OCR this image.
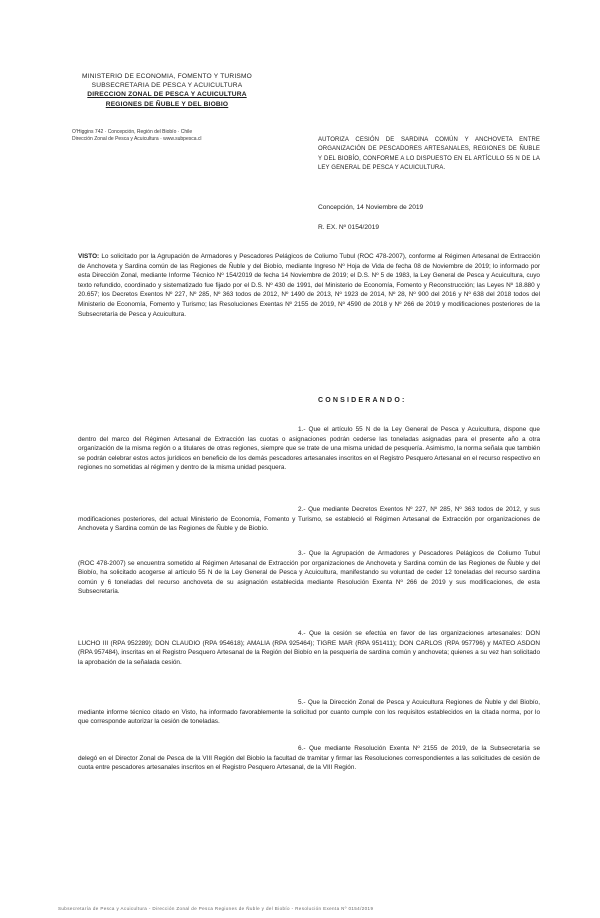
MINISTERIO DE ECONOMIA, FOMENTO Y TURISMO
SUBSECRETARIA DE PESCA Y ACUICULTURA
DIRECCION ZONAL DE PESCA Y ACUICULTURA
REGIONES DE ÑUBLE Y DEL BIOBIO
O'Higgins 742 · Concepción, Región del Biobío · Chile
Dirección Zonal de Pesca y Acuicultura · www.subpesca.cl	AUTORIZA CESIÓN DE SARDINA COMÚN Y ANCHOVETA ENTRE ORGANIZACIÓN DE PESCADORES ARTESANALES, REGIONES DE ÑUBLE Y DEL BIOBÍO, CONFORME A LO DISPUESTO EN EL ARTÍCULO 55 N DE LA LEY GENERAL DE PESCA Y ACUICULTURA.
Concepción, 14 Noviembre de 2019
R. EX. Nº 0154/2019
VISTO: Lo solicitado por la Agrupación de Armadores y Pescadores Pelágicos de Coliumo Tubul (ROC 478-2007), conforme al Régimen Artesanal de Extracción de Anchoveta y Sardina común de las Regiones de Ñuble y del Biobío, mediante Ingreso Nº Hoja de Vida de fecha 08 de Noviembre de 2019; lo informado por esta Dirección Zonal, mediante Informe Técnico Nº 154/2019 de fecha 14 Noviembre de 2019; el D.S. Nº 5 de 1983, la Ley General de Pesca y Acuicultura, cuyo texto refundido, coordinado y sistematizado fue fijado por el D.S. Nº 430 de 1991, del Ministerio de Economía, Fomento y Reconstrucción; las Leyes Nº 18.880 y 20.657; los Decretos Exentos Nº 227, Nº 285, Nº 363 todos de 2012, Nº 1490 de 2013, Nº 1923 de 2014, Nº 28, Nº 900 del 2016 y Nº 638 del 2018 todos del Ministerio de Economía, Fomento y Turismo; las Resoluciones Exentas Nº 2155 de 2019, Nº 4590 de 2018 y Nº 266 de 2019 y modificaciones posteriores de la Subsecretaría de Pesca y Acuicultura.
CONSIDERANDO:
1.- Que el artículo 55 N de la Ley General de Pesca y Acuicultura, dispone que dentro del marco del Régimen Artesanal de Extracción las cuotas o asignaciones podrán cederse las toneladas asignadas para el presente año a otra organización de la misma región o a titulares de otras regiones, siempre que se trate de una misma unidad de pesquería. Asimismo, la norma señala que también se podrán celebrar estos actos jurídicos en beneficio de los demás pescadores artesanales inscritos en el Registro Pesquero Artesanal en el recurso respectivo en regiones no sometidas al régimen y dentro de la misma unidad pesquera.
2.- Que mediante Decretos Exentos Nº 227, Nº 285, Nº 363 todos de 2012, y sus modificaciones posteriores, del actual Ministerio de Economía, Fomento y Turismo, se estableció el Régimen Artesanal de Extracción por organizaciones de Anchoveta y Sardina común de las Regiones de Ñuble y de Biobío.
3.- Que la Agrupación de Armadores y Pescadores Pelágicos de Coliumo Tubul (ROC 478-2007) se encuentra sometido al Régimen Artesanal de Extracción por organizaciones de Anchoveta y Sardina común de las Regiones de Ñuble y del Biobío, ha solicitado acogerse al artículo 55 N de la Ley General de Pesca y Acuicultura, manifestando su voluntad de ceder 12 toneladas del recurso sardina común y 6 toneladas del recurso anchoveta de su asignación establecida mediante Resolución Exenta Nº 266 de 2019 y sus modificaciones, de esta Subsecretaría.
4.- Que la cesión se efectúa en favor de las organizaciones artesanales: DON LUCHO III (RPA 952289); DON CLAUDIO (RPA 954618); AMALIA (RPA 925464); TIGRE MAR (RPA 951411); DON CARLOS (RPA 957796) y MATEO ASDON (RPA 957484), inscritas en el Registro Pesquero Artesanal de la Región del Biobío en la pesquería de sardina común y anchoveta; quienes a su vez han solicitado la aprobación de la señalada cesión.
5.- Que la Dirección Zonal de Pesca y Acuicultura Regiones de Ñuble y del Biobío, mediante informe técnico citado en Visto, ha informado favorablemente la solicitud por cuanto cumple con los requisitos establecidos en la citada norma, por lo que corresponde autorizar la cesión de toneladas.
6.- Que mediante Resolución Exenta Nº 2155 de 2019, de la Subsecretaría se delegó en el Director Zonal de Pesca de la VIII Región del Biobío la facultad de tramitar y firmar las Resoluciones correspondientes a las solicitudes de cesión de cuota entre pescadores artesanales inscritos en el Registro Pesquero Artesanal, de la VIII Región.
Subsecretaría de Pesca y Acuicultura - Dirección Zonal de Pesca Regiones de Ñuble y del Biobío - Resolución Exenta Nº 0154/2019
